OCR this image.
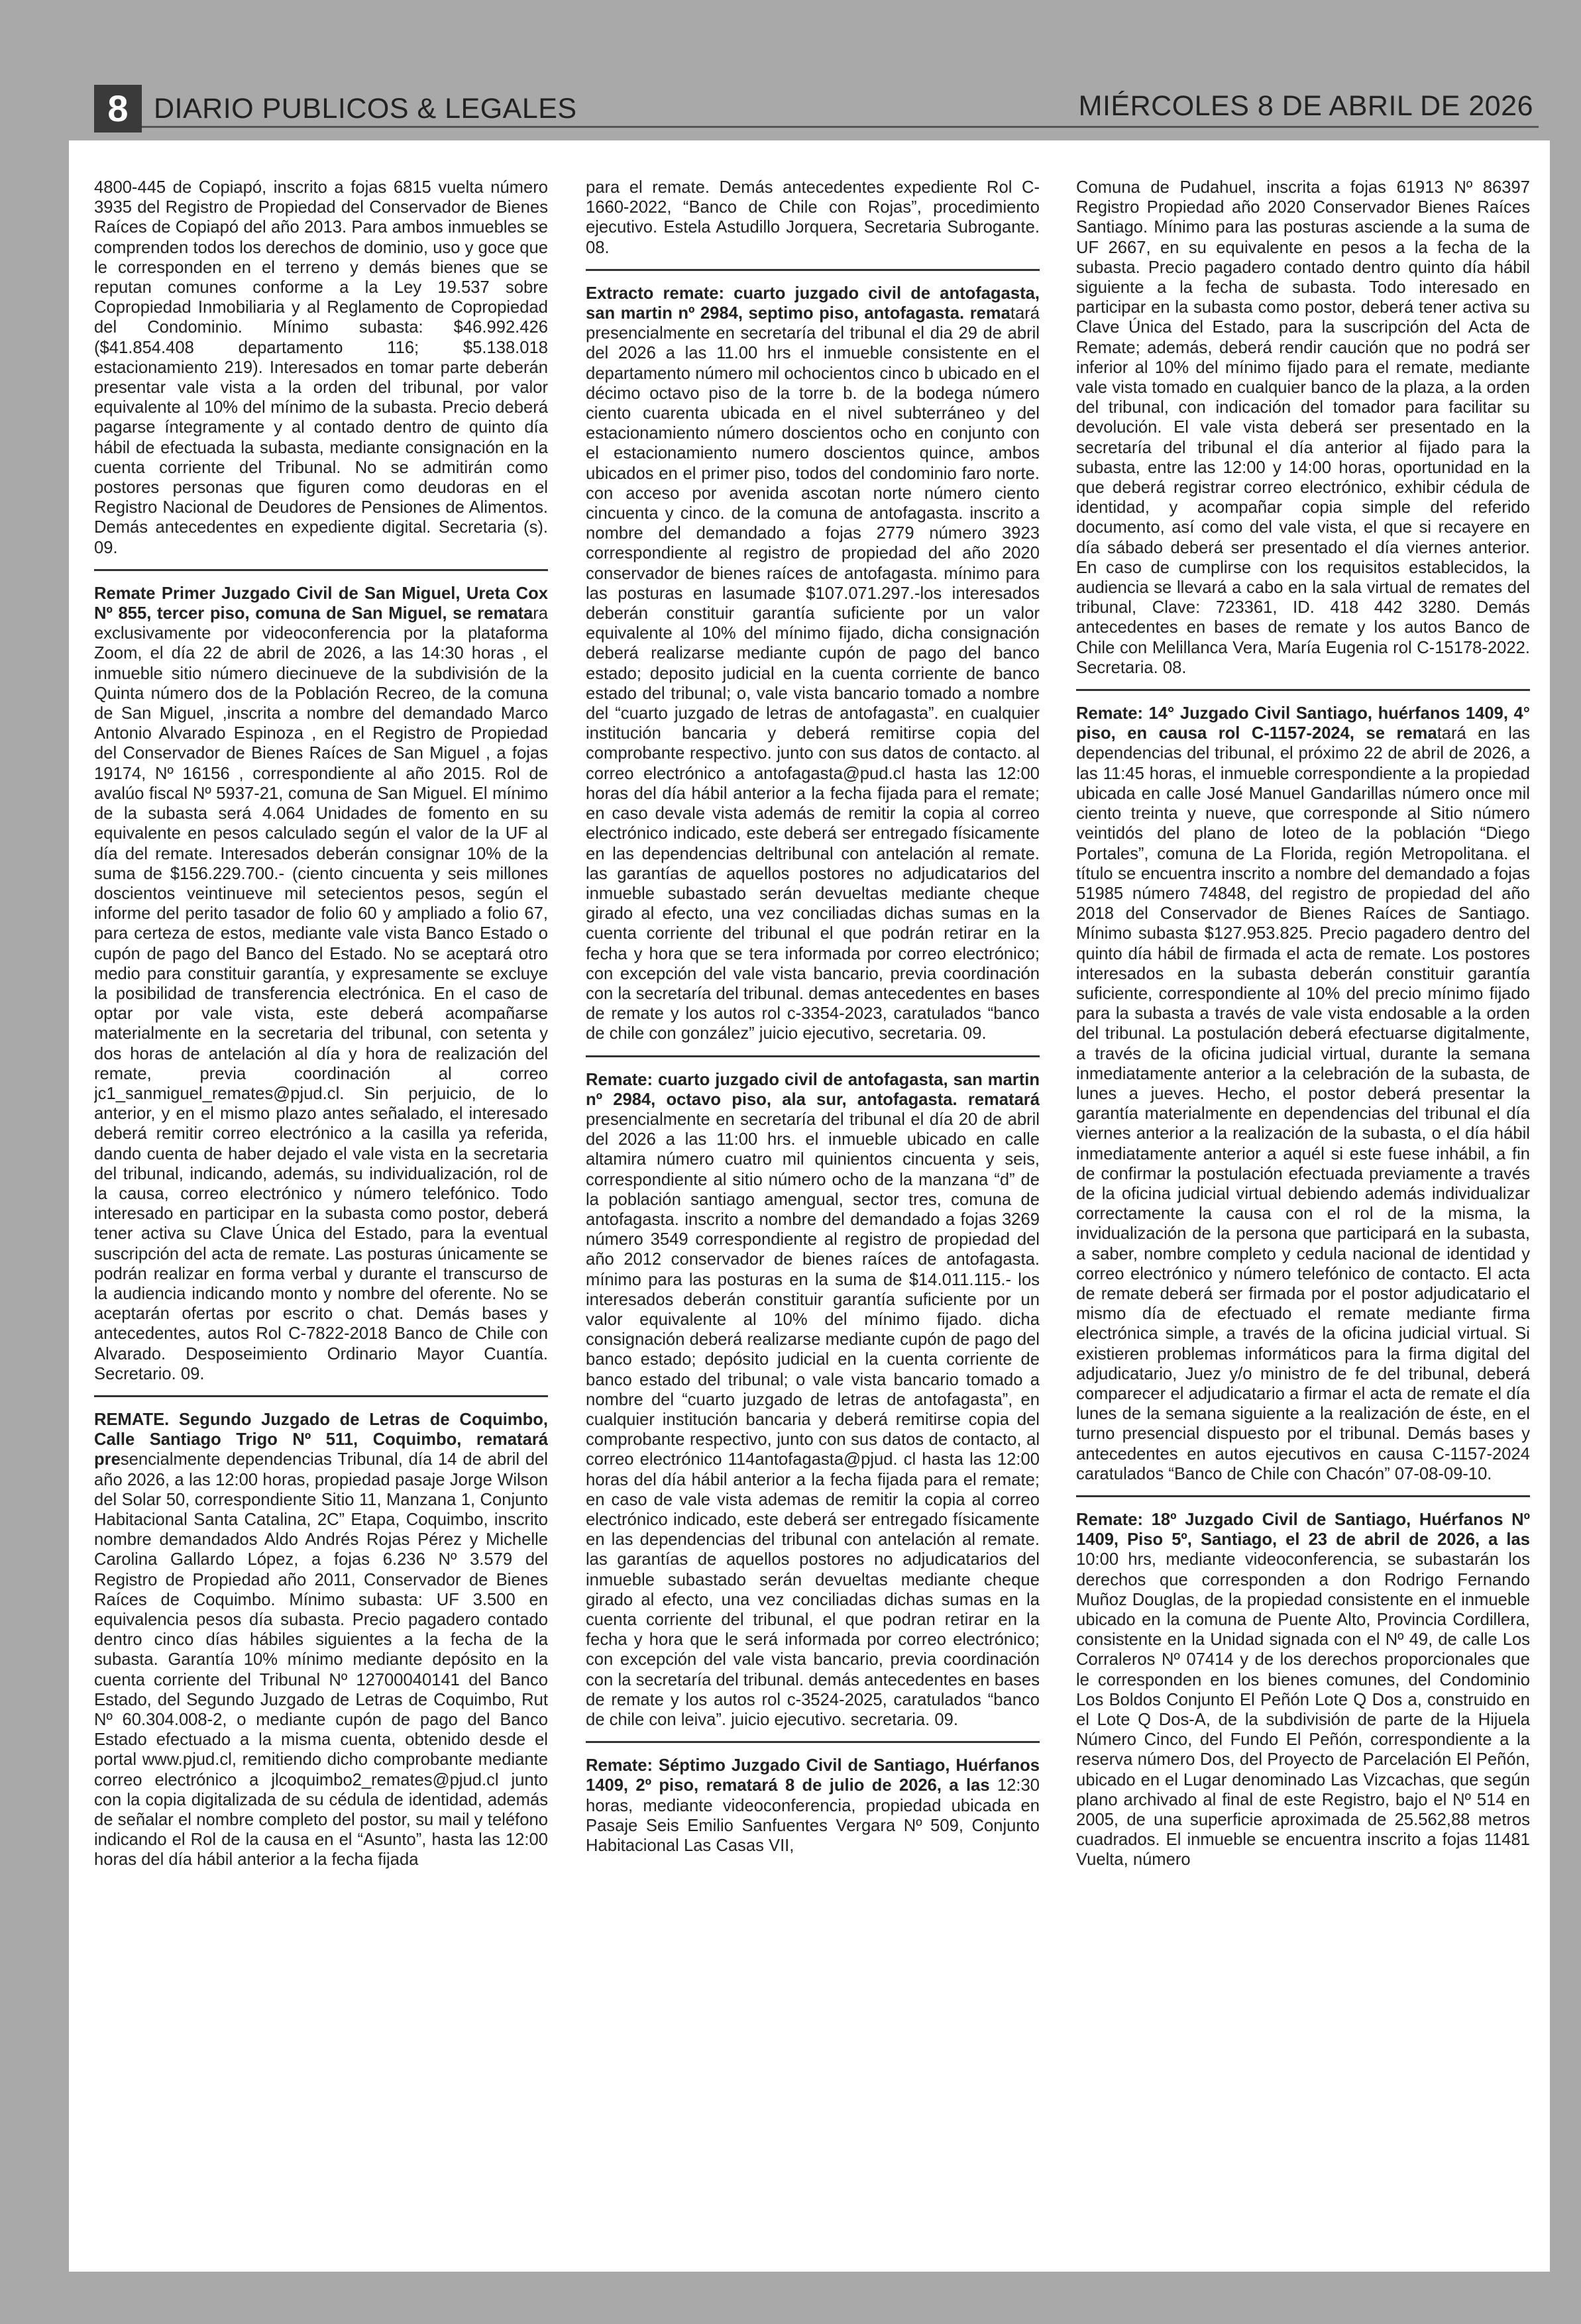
8 DIARIO PUBLICOS & LEGALES	MIÉRCOLES 8 DE ABRIL DE 2026

4800-445 de Copiapó, inscrito a fojas 6815 vuelta número 3935 del Registro de Propiedad del Conservador de Bienes Raíces de Copiapó del año 2013. Para ambos inmuebles se comprenden todos los derechos de dominio, uso y goce que le corresponden en el terreno y demás bienes que se reputan comunes conforme a la Ley 19.537 sobre Copropiedad Inmobiliaria y al Reglamento de Copropiedad del Condominio. Mínimo subasta: $46.992.426 ($41.854.408 departamento 116; $5.138.018 estacionamiento 219). Interesados en tomar parte deberán presentar vale vista a la orden del tribunal, por valor equivalente al 10% del mínimo de la subasta. Precio deberá pagarse íntegramente y al contado dentro de quinto día hábil de efectuada la subasta, mediante consignación en la cuenta corriente del Tribunal. No se admitirán como postores personas que figuren como deudoras en el Registro Nacional de Deudores de Pensiones de Alimentos. Demás antecedentes en expediente digital. Secretaria (s). 09.

Remate Primer Juzgado Civil de San Miguel, Ureta Cox Nº 855, tercer piso, comuna de San Miguel, se rematara exclusivamente por videoconferencia por la plataforma Zoom, el día 22 de abril de 2026, a las 14:30 horas , el inmueble sitio número diecinueve de la subdivisión de la Quinta número dos de la Población Recreo, de la comuna de San Miguel, ,inscrita a nombre del demandado Marco Antonio Alvarado Espinoza , en el Registro de Propiedad del Conservador de Bienes Raíces de San Miguel , a fojas 19174, Nº 16156 , correspondiente al año 2015. Rol de avalúo fiscal Nº 5937-21, comuna de San Miguel. El mínimo de la subasta será 4.064 Unidades de fomento en su equivalente en pesos calculado según el valor de la UF al día del remate. Interesados deberán consignar 10% de la suma de $156.229.700.- (ciento cincuenta y seis millones doscientos veintinueve mil setecientos pesos, según el informe del perito tasador de folio 60 y ampliado a folio 67, para certeza de estos, mediante vale vista Banco Estado o cupón de pago del Banco del Estado. No se aceptará otro medio para constituir garantía, y expresamente se excluye la posibilidad de transferencia electrónica. En el caso de optar por vale vista, este deberá acompañarse materialmente en la secretaria del tribunal, con setenta y dos horas de antelación al día y hora de realización del remate, previa coordinación al correo jc1_sanmiguel_remates@pjud.cl. Sin perjuicio, de lo anterior, y en el mismo plazo antes señalado, el interesado deberá remitir correo electrónico a la casilla ya referida, dando cuenta de haber dejado el vale vista en la secretaria del tribunal, indicando, además, su individualización, rol de la causa, correo electrónico y número telefónico. Todo interesado en participar en la subasta como postor, deberá tener activa su Clave Única del Estado, para la eventual suscripción del acta de remate. Las posturas únicamente se podrán realizar en forma verbal y durante el transcurso de la audiencia indicando monto y nombre del oferente. No se aceptarán ofertas por escrito o chat. Demás bases y antecedentes, autos Rol C-7822-2018 Banco de Chile con Alvarado. Desposeimiento Ordinario Mayor Cuantía. Secretario. 09.

REMATE. Segundo Juzgado de Letras de Coquimbo, Calle Santiago Trigo Nº 511, Coquimbo, rematará presencialmente dependencias Tribunal, día 14 de abril del año 2026, a las 12:00 horas, propiedad pasaje Jorge Wilson del Solar 50, correspondiente Sitio 11, Manzana 1, Conjunto Habitacional Santa Catalina, 2C” Etapa, Coquimbo, inscrito nombre demandados Aldo Andrés Rojas Pérez y Michelle Carolina Gallardo López, a fojas 6.236 Nº 3.579 del Registro de Propiedad año 2011, Conservador de Bienes Raíces de Coquimbo. Mínimo subasta: UF 3.500 en equivalencia pesos día subasta. Precio pagadero contado dentro cinco días hábiles siguientes a la fecha de la subasta. Garantía 10% mínimo mediante depósito en la cuenta corriente del Tribunal Nº 12700040141 del Banco Estado, del Segundo Juzgado de Letras de Coquimbo, Rut Nº 60.304.008-2, o mediante cupón de pago del Banco Estado efectuado a la misma cuenta, obtenido desde el portal www.pjud.cl, remitiendo dicho comprobante mediante correo electrónico a jlcoquimbo2_remates@pjud.cl junto con la copia digitalizada de su cédula de identidad, además de señalar el nombre completo del postor, su mail y teléfono indicando el Rol de la causa en el “Asunto”, hasta las 12:00 horas del día hábil anterior a la fecha fijada

para el remate. Demás antecedentes expediente Rol C-1660-2022, “Banco de Chile con Rojas”, procedimiento ejecutivo. Estela Astudillo Jorquera, Secretaria Subrogante. 08.

Extracto remate: cuarto juzgado civil de antofagasta, san martin nº 2984, septimo piso, antofagasta. rematará presencialmente en secretaría del tribunal el dia 29 de abril del 2026 a las 11.00 hrs el inmueble consistente en el departamento número mil ochocientos cinco b ubicado en el décimo octavo piso de la torre b. de la bodega número ciento cuarenta ubicada en el nivel subterráneo y del estacionamiento número doscientos ocho en conjunto con el estacionamiento numero doscientos quince, ambos ubicados en el primer piso, todos del condominio faro norte. con acceso por avenida ascotan norte número ciento cincuenta y cinco. de la comuna de antofagasta. inscrito a nombre del demandado a fojas 2779 número 3923 correspondiente al registro de propiedad del año 2020 conservador de bienes raíces de antofagasta. mínimo para las posturas en lasumade $107.071.297.-los interesados deberán constituir garantía suficiente por un valor equivalente al 10% del mínimo fijado, dicha consignación deberá realizarse mediante cupón de pago del banco estado; deposito judicial en la cuenta corriente de banco estado del tribunal; o, vale vista bancario tomado a nombre del “cuarto juzgado de letras de antofagasta”. en cualquier institución bancaria y deberá remitirse copia del comprobante respectivo. junto con sus datos de contacto. al correo electrónico a antofagasta@pud.cl hasta las 12:00 horas del día hábil anterior a la fecha fijada para el remate; en caso devale vista además de remitir la copia al correo electrónico indicado, este deberá ser entregado físicamente en las dependencias deltribunal con antelación al remate. las garantías de aquellos postores no adjudicatarios del inmueble subastado serán devueltas mediante cheque girado al efecto, una vez conciliadas dichas sumas en la cuenta corriente del tribunal el que podrán retirar en la fecha y hora que se tera informada por correo electrónico; con excepción del vale vista bancario, previa coordinación con la secretaría del tribunal. demas antecedentes en bases de remate y los autos rol c-3354-2023, caratulados “banco de chile con gonzález” juicio ejecutivo, secretaria. 09.

Remate: cuarto juzgado civil de antofagasta, san martin nº 2984, octavo piso, ala sur, antofagasta. rematará presencialmente en secretaría del tribunal el día 20 de abril del 2026 a las 11:00 hrs. el inmueble ubicado en calle altamira número cuatro mil quinientos cincuenta y seis, correspondiente al sitio número ocho de la manzana “d” de la población santiago amengual, sector tres, comuna de antofagasta. inscrito a nombre del demandado a fojas 3269 número 3549 correspondiente al registro de propiedad del año 2012 conservador de bienes raíces de antofagasta. mínimo para las posturas en la suma de $14.011.115.- los interesados deberán constituir garantía suficiente por un valor equivalente al 10% del mínimo fijado. dicha consignación deberá realizarse mediante cupón de pago del banco estado; depósito judicial en la cuenta corriente de banco estado del tribunal; o vale vista bancario tomado a nombre del “cuarto juzgado de letras de antofagasta”, en cualquier institución bancaria y deberá remitirse copia del comprobante respectivo, junto con sus datos de contacto, al correo electrónico 114antofagasta@pjud. cl hasta las 12:00 horas del día hábil anterior a la fecha fijada para el remate; en caso de vale vista ademas de remitir la copia al correo electrónico indicado, este deberá ser entregado físicamente en las dependencias del tribunal con antelación al remate. las garantías de aquellos postores no adjudicatarios del inmueble subastado serán devueltas mediante cheque girado al efecto, una vez conciliadas dichas sumas en la cuenta corriente del tribunal, el que podran retirar en la fecha y hora que le será informada por correo electrónico; con excepción del vale vista bancario, previa coordinación con la secretaría del tribunal. demás antecedentes en bases de remate y los autos rol c-3524-2025, caratulados “banco de chile con leiva”. juicio ejecutivo. secretaria. 09.

Remate: Séptimo Juzgado Civil de Santiago, Huérfanos 1409, 2º piso, rematará 8 de julio de 2026, a las 12:30 horas, mediante videoconferencia, propiedad ubicada en Pasaje Seis Emilio Sanfuentes Vergara Nº 509, Conjunto Habitacional Las Casas VII,

Comuna de Pudahuel, inscrita a fojas 61913 Nº 86397 Registro Propiedad año 2020 Conservador Bienes Raíces Santiago. Mínimo para las posturas asciende a la suma de UF 2667, en su equivalente en pesos a la fecha de la subasta. Precio pagadero contado dentro quinto día hábil siguiente a la fecha de subasta. Todo interesado en participar en la subasta como postor, deberá tener activa su Clave Única del Estado, para la suscripción del Acta de Remate; además, deberá rendir caución que no podrá ser inferior al 10% del mínimo fijado para el remate, mediante vale vista tomado en cualquier banco de la plaza, a la orden del tribunal, con indicación del tomador para facilitar su devolución. El vale vista deberá ser presentado en la secretaría del tribunal el día anterior al fijado para la subasta, entre las 12:00 y 14:00 horas, oportunidad en la que deberá registrar correo electrónico, exhibir cédula de identidad, y acompañar copia simple del referido documento, así como del vale vista, el que si recayere en día sábado deberá ser presentado el día viernes anterior. En caso de cumplirse con los requisitos establecidos, la audiencia se llevará a cabo en la sala virtual de remates del tribunal, Clave: 723361, ID. 418 442 3280. Demás antecedentes en bases de remate y los autos Banco de Chile con Melillanca Vera, María Eugenia rol C-15178-2022. Secretaria. 08.

Remate: 14° Juzgado Civil Santiago, huérfanos 1409, 4° piso, en causa rol C-1157-2024, se rematará en las dependencias del tribunal, el próximo 22 de abril de 2026, a las 11:45 horas, el inmueble correspondiente a la propiedad ubicada en calle José Manuel Gandarillas número once mil ciento treinta y nueve, que corresponde al Sitio número veintidós del plano de loteo de la población “Diego Portales”, comuna de La Florida, región Metropolitana. el título se encuentra inscrito a nombre del demandado a fojas 51985 número 74848, del registro de propiedad del año 2018 del Conservador de Bienes Raíces de Santiago. Mínimo subasta $127.953.825. Precio pagadero dentro del quinto día hábil de firmada el acta de remate. Los postores interesados en la subasta deberán constituir garantía suficiente, correspondiente al 10% del precio mínimo fijado para la subasta a través de vale vista endosable a la orden del tribunal. La postulación deberá efectuarse digitalmente, a través de la oficina judicial virtual, durante la semana inmediatamente anterior a la celebración de la subasta, de lunes a jueves. Hecho, el postor deberá presentar la garantía materialmente en dependencias del tribunal el día viernes anterior a la realización de la subasta, o el día hábil inmediatamente anterior a aquél si este fuese inhábil, a fin de confirmar la postulación efectuada previamente a través de la oficina judicial virtual debiendo además individualizar correctamente la causa con el rol de la misma, la invidualización de la persona que participará en la subasta, a saber, nombre completo y cedula nacional de identidad y correo electrónico y número telefónico de contacto. El acta de remate deberá ser firmada por el postor adjudicatario el mismo día de efectuado el remate mediante firma electrónica simple, a través de la oficina judicial virtual. Si existieren problemas informáticos para la firma digital del adjudicatario, Juez y/o ministro de fe del tribunal, deberá comparecer el adjudicatario a firmar el acta de remate el día lunes de la semana siguiente a la realización de éste, en el turno presencial dispuesto por el tribunal. Demás bases y antecedentes en autos ejecutivos en causa C-1157-2024 caratulados “Banco de Chile con Chacón” 07-08-09-10.

Remate: 18º Juzgado Civil de Santiago, Huérfanos Nº 1409, Piso 5º, Santiago, el 23 de abril de 2026, a las 10:00 hrs, mediante videoconferencia, se subastarán los derechos que corresponden a don Rodrigo Fernando Muñoz Douglas, de la propiedad consistente en el inmueble ubicado en la comuna de Puente Alto, Provincia Cordillera, consistente en la Unidad signada con el Nº 49, de calle Los Corraleros Nº 07414 y de los derechos proporcionales que le corresponden en los bienes comunes, del Condominio Los Boldos Conjunto El Peñón Lote Q Dos a, construido en el Lote Q Dos-A, de la subdivisión de parte de la Hijuela Número Cinco, del Fundo El Peñón, correspondiente a la reserva número Dos, del Proyecto de Parcelación El Peñón, ubicado en el Lugar denominado Las Vizcachas, que según plano archivado al final de este Registro, bajo el Nº 514 en 2005, de una superficie aproximada de 25.562,88 metros cuadrados. El inmueble se encuentra inscrito a fojas 11481 Vuelta, número
